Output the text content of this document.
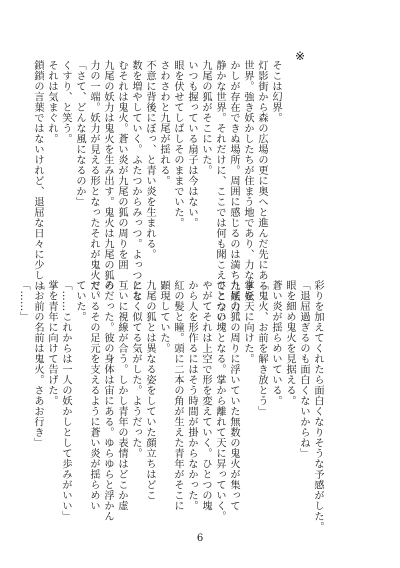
※
そこは幻界。
灯影街から森の広場の更に奥へと進んだ先にある
世界。強き妖かしたちが住まう地であり、力なき妖
かしが存在できぬ場所。周囲に感じるのは満ちた妖力。
静かな世界。それだけに、ここでは何も聞こえてこない。
九尾の狐がそこにいた。
いつも握っている扇子は今はない。
眼を伏せてしばしそのままでいた。
さわさわと九尾が揺れる。
不意に背後にぼっ、と青い炎を生まれる。
数を増やしていく。ふたつからみっつ。よっつにと
むそれは鬼火。蒼い炎が九尾の狐の周りを囲
九尾の妖力は鬼火を生み出す。鬼火は九尾の狐の
力の一端。妖力が見える形となったそれが鬼火だ。
「さて、どんな風になるのか」
くすり、と笑う。
それは気まぐれ。
鎖鎖の言葉ではないけれど、退屈な日々に少しは
彩りを加えてくれたら面白くなりそうな予感がした。
「退屈過ぎるのも面白くないからね」
眼を細め鬼火を見据える。
蒼い炎が揺らめいている。
「鬼火、お前を解き放とう」
掌を天に向けた。
九尾の狐の周りに浮いていた無数の鬼火が集って
ひとつの塊となる。掌から離れて天に昇っていく。
やがてそれは上空で形を変えていく。ひとつの塊
から人を形作るにはそう時間が掛からなかった。
紅の髪と瞳。頭に二本の角が生えた青年がそこに
顕現していた。
九尾の狐とは異なる姿をしていた顔立ちはどこ
となく似てる気がした。ようだった。
互いに視線が合う。しかし青年の表情はどこか虚
ろだった。彼の身体は宙にある。ゆらゆらと浮かん
でいるその足元を支えるように蒼い炎が揺らめい
ていた。
「……これからは一人の妖かしとして歩みがいい」
掌を青年に向けて告げた。
「お前の名前は鬼火。さあお行き」
「……」
6
